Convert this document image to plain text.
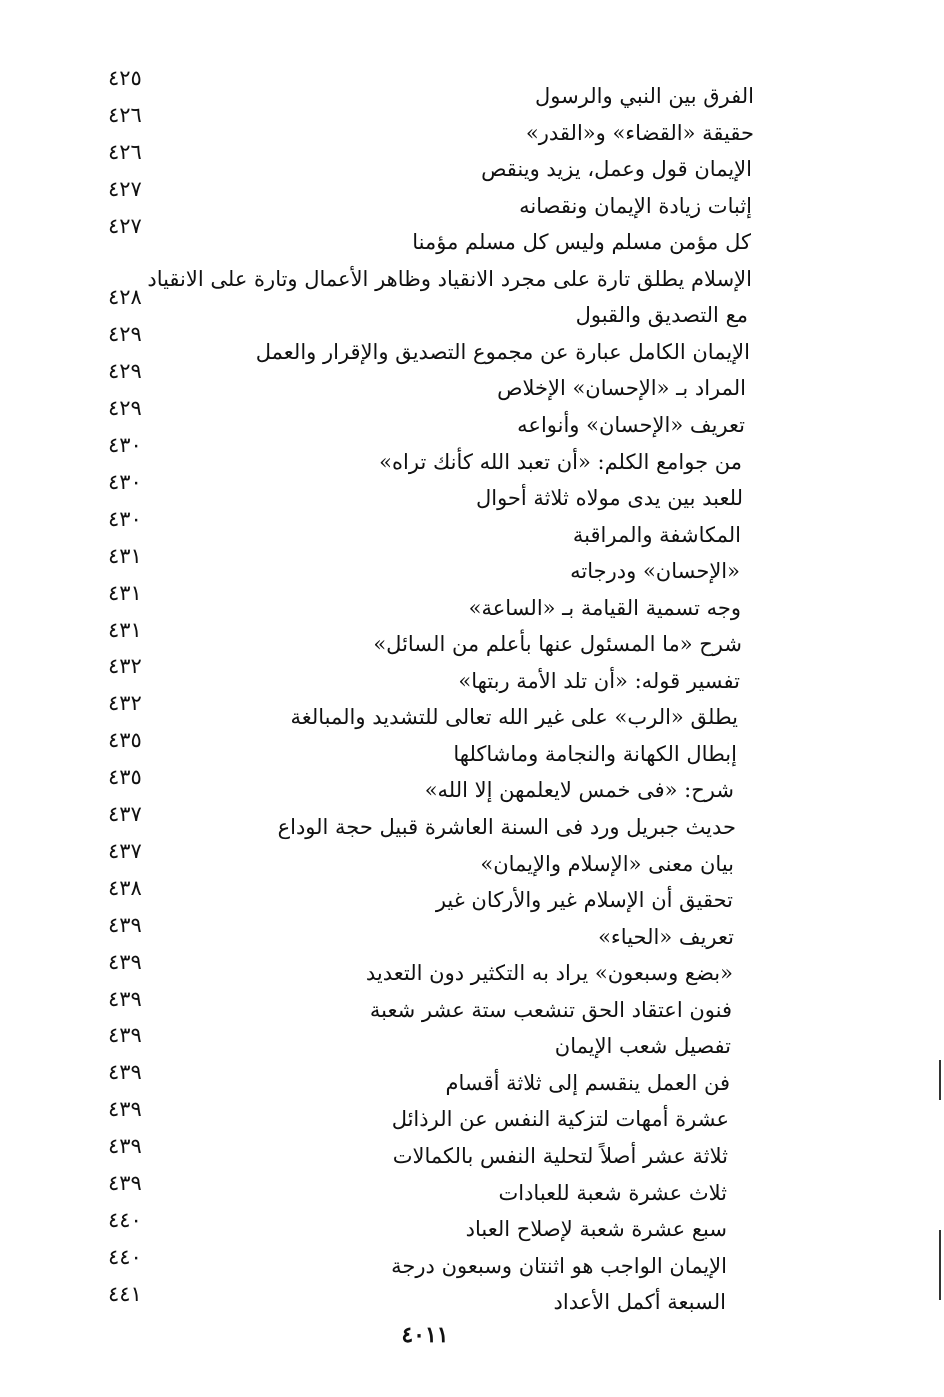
الفرق بين النبي والرسول
حقيقة «القضاء» و«القدر»
الإيمان قول وعمل، يزيد وينقص
إثبات زيادة الإيمان ونقصانه
كل مؤمن مسلم وليس كل مسلم مؤمنا
الإسلام يطلق تارة على مجرد الانقياد وظاهر الأعمال وتارة على الانقياد
مع التصديق والقبول
الإيمان الكامل عبارة عن مجموع التصديق والإقرار والعمل
المراد بـ «الإحسان» الإخلاص
تعريف «الإحسان» وأنواعه
من جوامع الكلم: «أن تعبد الله كأنك تراه»
للعبد بين يدى مولاه ثلاثة أحوال
المكاشفة والمراقبة
«الإحسان» ودرجاته
وجه تسمية القيامة بـ «الساعة»
شرح «ما المسئول عنها بأعلم من السائل»
تفسير قوله: «أن تلد الأمة ربتها»
يطلق «الرب» على غير الله تعالى للتشديد والمبالغة
إبطال الكهانة والنجامة وماشاكلها
شرح: «فى خمس لايعلمهن إلا الله»
حديث جبريل ورد فى السنة العاشرة قبيل حجة الوداع
بيان معنى «الإسلام والإيمان»
تحقيق أن الإسلام غير والأركان غير
تعريف «الحياء»
«بضع وسبعون» يراد به التكثير دون التعديد
فنون اعتقاد الحق تنشعب ستة عشر شعبة
تفصيل شعب الإيمان
فن العمل ينقسم إلى ثلاثة أقسام
عشرة أمهات لتزكية النفس عن الرذائل
ثلاثة عشر أصلاً لتحلية النفس بالكمالات
ثلاث عشرة شعبة للعبادات
سبع عشرة شعبة لإصلاح العباد
الإيمان الواجب هو اثنتان وسبعون درجة
السبعة أكمل الأعداد
٤٢٥
٤٢٦
٤٢٦
٤٢٧
٤٢٧
٤٢٨
٤٢٩
٤٢٩
٤٢٩
٤٣٠
٤٣٠
٤٣٠
٤٣١
٤٣١
٤٣١
٤٣٢
٤٣٢
٤٣٥
٤٣٥
٤٣٧
٤٣٧
٤٣٨
٤٣٩
٤٣٩
٤٣٩
٤٣٩
٤٣٩
٤٣٩
٤٣٩
٤٣٩
٤٤٠
٤٤٠
٤٤١
٤٠١١
